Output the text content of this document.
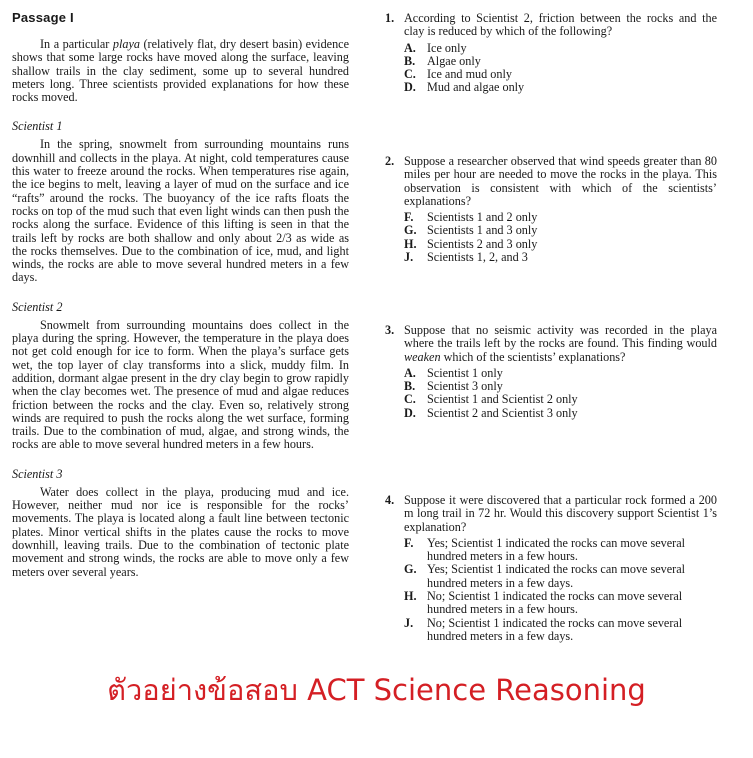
Passage I

In a particular playa (relatively flat, dry desert basin) evidence shows that some large rocks have moved along the surface, leaving shallow trails in the clay sediment, some up to several hundred meters long. Three scientists provided explanations for how these rocks moved.

Scientist 1

In the spring, snowmelt from surrounding mountains runs downhill and collects in the playa. At night, cold temperatures cause this water to freeze around the rocks. When temperatures rise again, the ice begins to melt, leaving a layer of mud on the surface and ice “rafts” around the rocks. The buoyancy of the ice rafts floats the rocks on top of the mud such that even light winds can then push the rocks along the surface. Evidence of this lifting is seen in that the trails left by rocks are both shallow and only about 2/3 as wide as the rocks themselves. Due to the combination of ice, mud, and light winds, the rocks are able to move several hundred meters in a few days.

Scientist 2

Snowmelt from surrounding mountains does collect in the playa during the spring. However, the temperature in the playa does not get cold enough for ice to form. When the playa’s surface gets wet, the top layer of clay transforms into a slick, muddy film. In addition, dormant algae present in the dry clay begin to grow rapidly when the clay becomes wet. The presence of mud and algae reduces friction between the rocks and the clay. Even so, relatively strong winds are required to push the rocks along the wet surface, forming trails. Due to the combination of mud, algae, and strong winds, the rocks are able to move several hundred meters in a few hours.

Scientist 3

Water does collect in the playa, producing mud and ice. However, neither mud nor ice is responsible for the rocks’ movements. The playa is located along a fault line between tectonic plates. Minor vertical shifts in the plates cause the rocks to move downhill, leaving trails. Due to the combination of tectonic plate movement and strong winds, the rocks are able to move only a few meters over several years.

1. According to Scientist 2, friction between the rocks and the clay is reduced by which of the following?
A. Ice only
B. Algae only
C. Ice and mud only
D. Mud and algae only
2. Suppose a researcher observed that wind speeds greater than 80 miles per hour are needed to move the rocks in the playa. This observation is consistent with which of the scientists’ explanations?
F.	Scientists 1 and 2 only
G. Scientists 1 and 3 only
H. Scientists 2 and 3 only
J.	Scientists 1, 2, and 3
3. Suppose that no seismic activity was recorded in the playa where the trails left by the rocks are found. This finding would weaken which of the scientists’ explanations?
A. Scientist 1 only
B. Scientist 3 only
C. Scientist 1 and Scientist 2 only
D. Scientist 2 and Scientist 3 only
4. Suppose it were discovered that a particular rock formed a 200 m long trail in 72 hr. Would this discovery support Scientist 1’s explanation?
F.	Yes; Scientist 1 indicated the rocks can move several hundred meters in a few hours.
G. Yes; Scientist 1 indicated the rocks can move several hundred meters in a few days.
H. No; Scientist 1 indicated the rocks can move several hundred meters in a few hours.
J.	No; Scientist 1 indicated the rocks can move several hundred meters in a few days.
ตัวอย่างข้อสอบ ACT Science Reasoning
